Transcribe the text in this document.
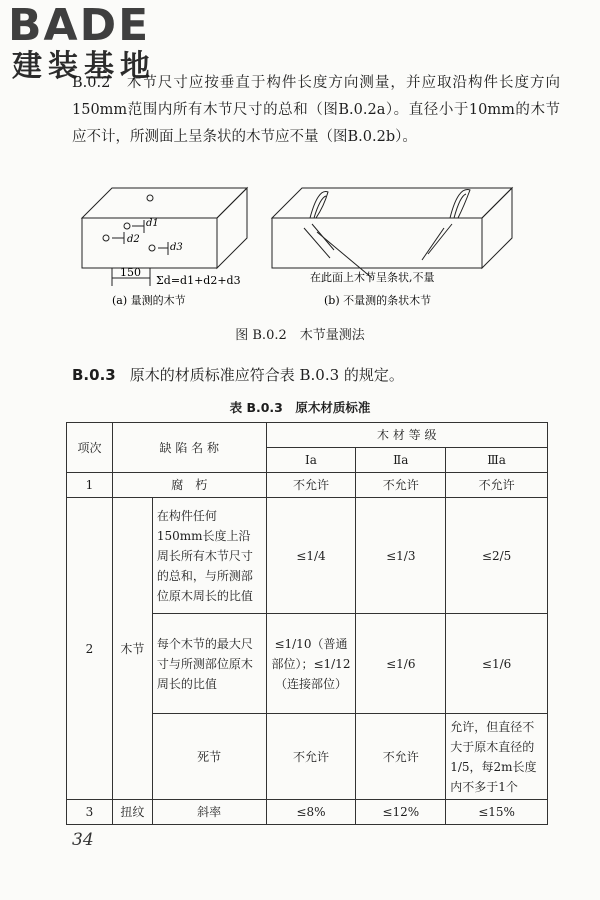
BADE
建装基地
B.0.2　木节尺寸应按垂直于构件长度方向测量，并应取沿构件长度方向150mm范围内所有木节尺寸的总和（图B.0.2a）。直径小于10mm的木节应不计，所测面上呈条状的木节应不量（图B.0.2b）。
150
Σd=d1+d2+d3
d1
d2
d3
在此面上木节呈条状,不量
(a) 量测的木节	(b) 不量测的条状木节
图 B.0.2　木节量测法
B.0.3 原木的材质标准应符合表 B.0.3 的规定。
表 B.0.3　原木材质标准
项次	缺 陷 名 称		木 材 等 级		
			Ⅰa	Ⅱa	Ⅲa
1	腐　朽		不允许	不允许	不允许
2	木节	在构件任何150mm长度上沿周长所有木节尺寸的总和，与所测部位原木周长的比值	≤1/4	≤1/3	≤2/5
		每个木节的最大尺寸与所测部位原木周长的比值	≤1/10（普通部位）；≤1/12（连接部位）	≤1/6	≤1/6
		死节	不允许	不允许	允许，但直径不大于原木直径的1/5，每2m长度内不多于1个
3	扭纹	斜率	≤8%	≤12%	≤15%
34
